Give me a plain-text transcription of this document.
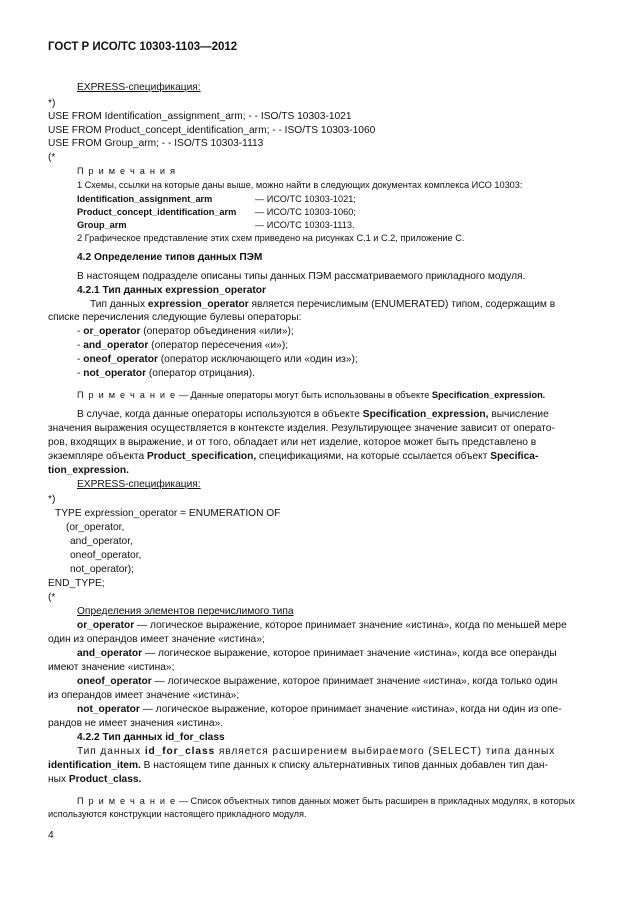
ГОСТ Р ИСО/ТС 10303-1103—2012
EXPRESS-спецификация:
*)
USE FROM Identification_assignment_arm; - - ISO/TS 10303-1021
USE FROM Product_concept_identification_arm; - - ISO/TS 10303-1060
USE FROM Group_arm; - - ISO/TS 10303-1113
(*
П р и м е ч а н и я
1 Схемы, ссылки на которые даны выше, можно найти в следующих документах комплекса ИСО 10303:
Identification_assignment_arm	— ИСО/ТС 10303-1021;
Product_concept_identification_arm — ИСО/ТС 10303-1060;
Group_arm	— ИСО/ТС 10303-1113.
2 Графическое представление этих схем приведено на рисунках С.1 и С.2, приложение С.
4.2 Определение типов данных ПЭМ
В настоящем подразделе описаны типы данных ПЭМ рассматриваемого прикладного модуля.
4.2.1 Тип данных expression_operator
Тип данных expression_operator является перечислимым (ENUMERATED) типом, содержащим в
списке перечисления следующие булевы операторы:
- or_operator (оператор объединения «или»);
- and_operator (оператор пересечения «и»);
- oneof_operator (оператор исключающего или «один из»);
- not_operator (оператор отрицания).
П р и м е ч а н и е — Данные операторы могут быть использованы в объекте Specification_expression.
В случае, когда данные операторы используются в объекте Specification_expression, вычисление
значения выражения осуществляется в контексте изделия. Результирующее значение зависит от операто-
ров, входящих в выражение, и от того, обладает или нет изделие, которое может быть представлено в
экземпляре объекта Product_specification, спецификациями, на которые ссылается объект Specifica-
tion_expression.
EXPRESS-спецификация:
*)
TYPE expression_operator = ENUMERATION OF
(or_operator,
and_operator,
oneof_operator,
not_operator);
END_TYPE;
(*
Определения элементов перечислимого типа
or_operator — логическое выражение, которое принимает значение «истина», когда по меньшей мере
один из операндов имеет значение «истина»;
and_operator — логическое выражение, которое принимает значение «истина», когда все операнды
имеют значение «истина»;
oneof_operator — логическое выражение, которое принимает значение «истина», когда только один
из операндов имеет значение «истина»;
not_operator — логическое выражение, которое принимает значение «истина», когда ни один из опе-
рандов не имеет значения «истина».
4.2.2 Тип данных id_for_class
Тип данных id_for_class является расширением выбираемого (SELECT) типа данных
identification_item. В настоящем типе данных к списку альтернативных типов данных добавлен тип дан-
ных Product_class.
П р и м е ч а н и е — Список объектных типов данных может быть расширен в прикладных модулях, в которых
используются конструкции настоящего прикладного модуля.
4
